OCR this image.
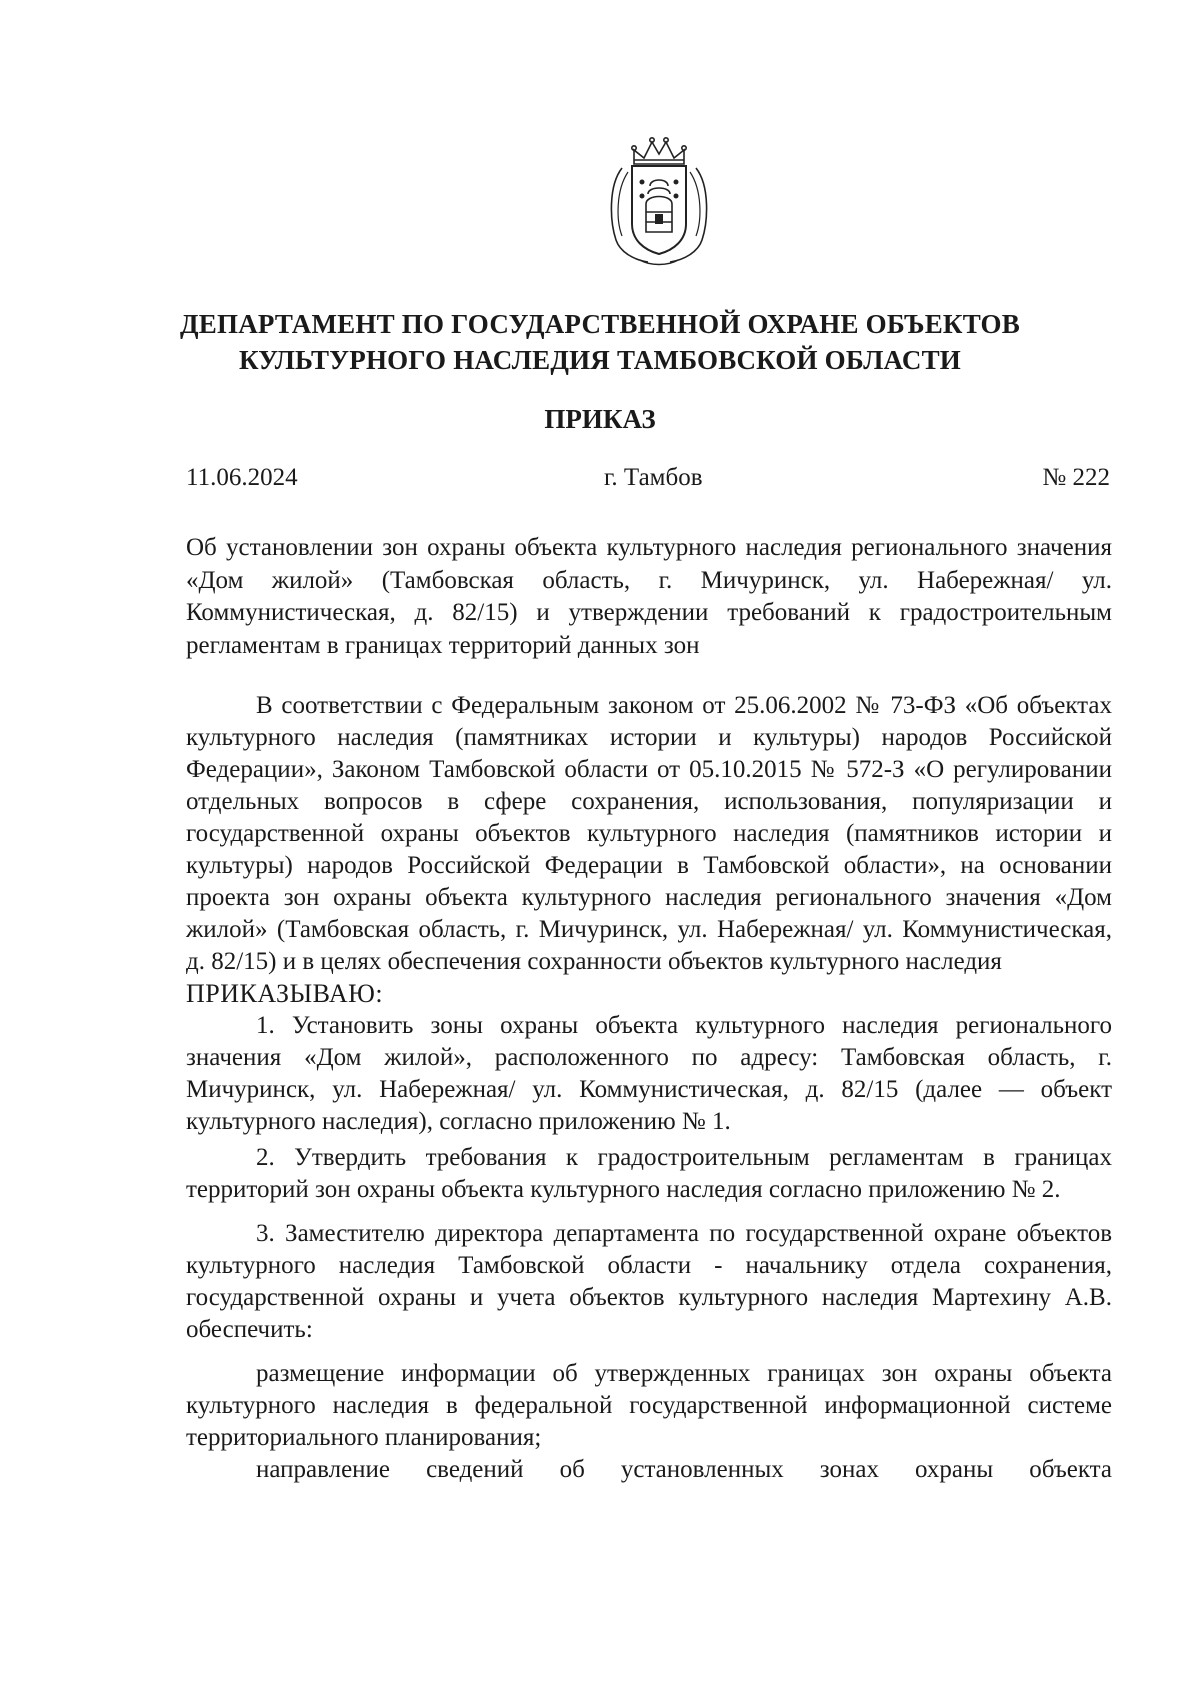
ДЕПАРТАМЕНТ ПО ГОСУДАРСТВЕННОЙ ОХРАНЕ ОБЪЕКТОВ
КУЛЬТУРНОГО НАСЛЕДИЯ ТАМБОВСКОЙ ОБЛАСТИ
ПРИКАЗ
11.06.2024	г. Тамбов	№ 222
Об установлении зон охраны объекта культурного наследия регионального значения «Дом жилой» (Тамбовская область, г. Мичуринск, ул. Набережная/ ул. Коммунистическая, д. 82/15) и утверждении требований к градостроительным регламентам в границах территорий данных зон

В соответствии с Федеральным законом от 25.06.2002 № 73-ФЗ «Об объектах культурного наследия (памятниках истории и культуры) народов Российской Федерации», Законом Тамбовской области от 05.10.2015 № 572-З «О регулировании отдельных вопросов в сфере сохранения, использования, популяризации и государственной охраны объектов культурного наследия (памятников истории и культуры) народов Российской Федерации в Тамбовской области», на основании проекта зон охраны объекта культурного наследия регионального значения «Дом жилой» (Тамбовская область, г. Мичуринск, ул. Набережная/ ул. Коммунистическая, д. 82/15) и в целях обеспечения сохранности объектов культурного наследия

ПРИКАЗЫВАЮ:

1. Установить зоны охраны объекта культурного наследия регионального значения «Дом жилой», расположенного по адресу: Тамбовская область, г. Мичуринск, ул. Набережная/ ул. Коммунистическая, д. 82/15 (далее — объект культурного наследия), согласно приложению № 1.

2. Утвердить требования к градостроительным регламентам в границах территорий зон охраны объекта культурного наследия согласно приложению № 2.

3. Заместителю директора департамента по государственной охране объектов культурного наследия Тамбовской области - начальнику отдела сохранения, государственной охраны и учета объектов культурного наследия Мартехину А.В. обеспечить:

размещение информации об утвержденных границах зон охраны объекта культурного наследия в федеральной государственной информационной системе территориального планирования;

направление сведений об установленных зонах охраны объекта
